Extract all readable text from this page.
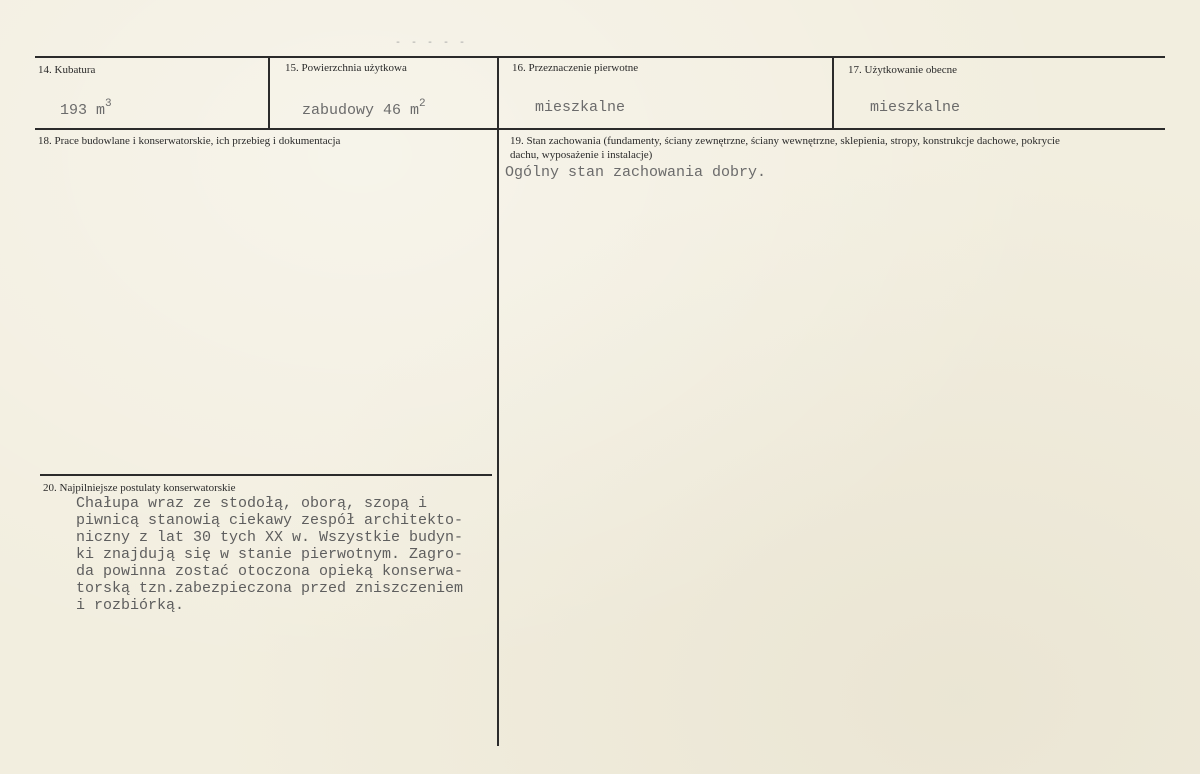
- - - - -
14. Kubatura
193 $m^3$
15. Powierzchnia użytkowa
zabudowy 46 $m^2$
16. Przeznaczenie pierwotne
mieszkalne
17. Użytkowanie obecne
mieszkalne
18. Prace budowlane i konserwatorskie, ich przebieg i dokumentacja	19. Stan zachowania (fundamenty, ściany zewnętrzne, ściany wewnętrzne, sklepienia, stropy, konstrukcje dachowe, pokrycie dachu, wyposażenie i instalacje)
Ogólny stan zachowania dobry.
20. Najpilniejsze postulaty konserwatorskie
Chałupa wraz ze stodołą, oborą, szopą i
piwnicą stanowią ciekawy zespół architekto-
niczny z lat 30 tych XX w. Wszystkie budyn-
ki znajdują się w stanie pierwotnym. Zagro-
da powinna zostać otoczona opieką konserwa-
torską tzn.zabezpieczona przed zniszczeniem
i rozbiórką.
